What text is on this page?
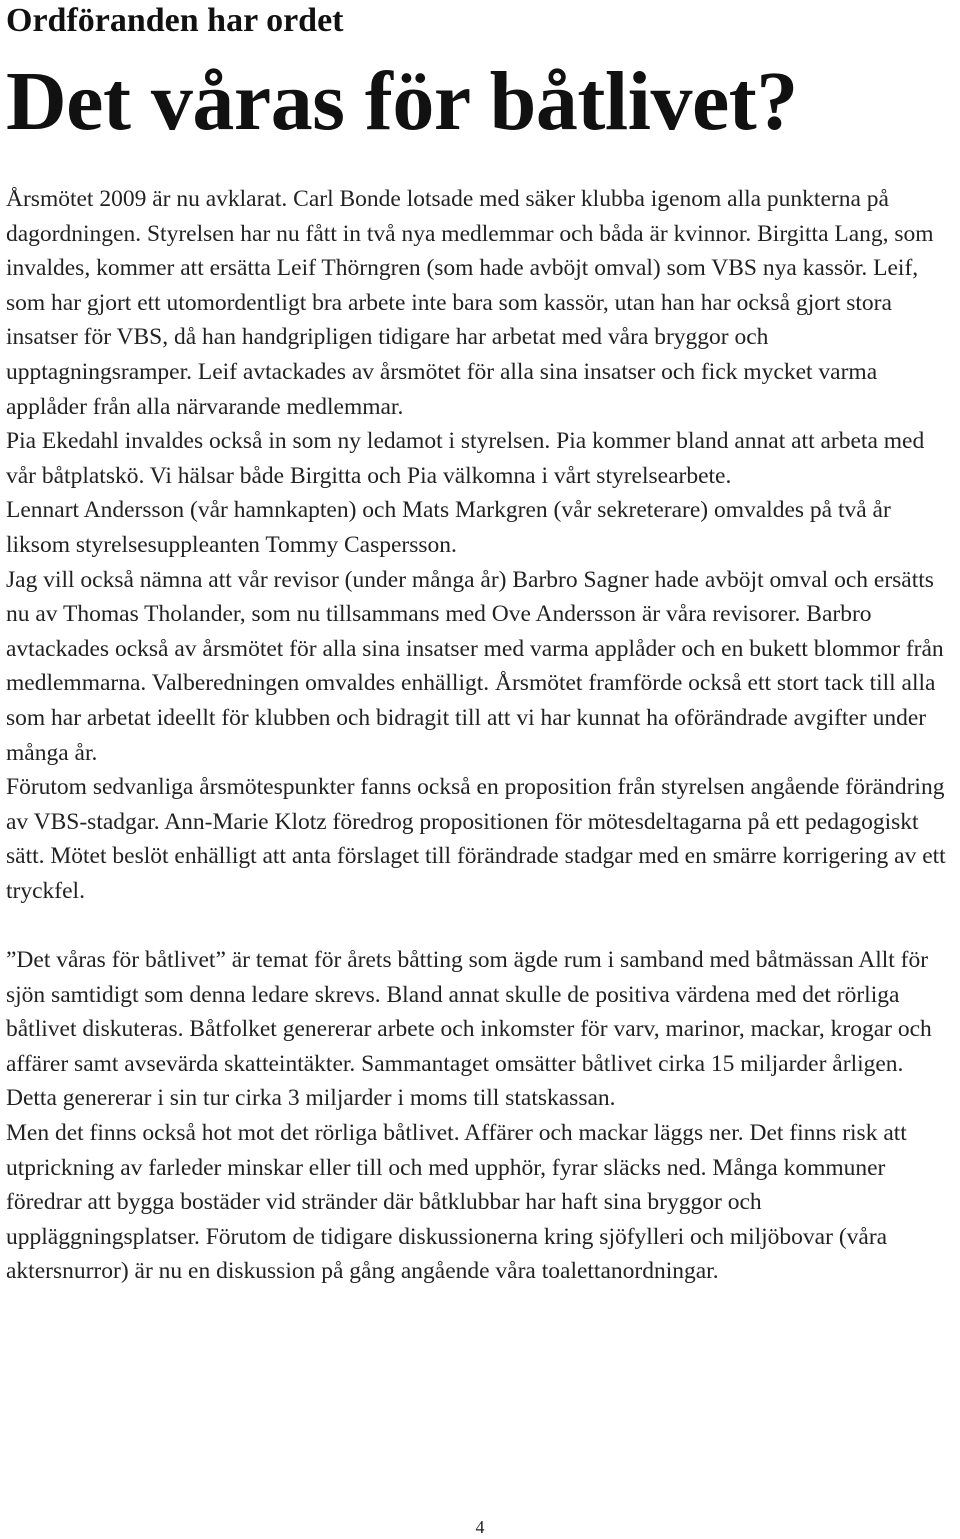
Ordföranden har ordet
Det våras för båtlivet?

Årsmötet 2009 är nu avklarat. Carl Bonde lotsade med säker klubba igenom alla punkterna på dagordningen. Styrelsen har nu fått in två nya medlemmar och båda är kvinnor. Birgitta Lang, som invaldes, kommer att ersätta Leif Thörngren (som hade avböjt omval) som VBS nya kassör. Leif, som har gjort ett utomordentligt bra arbete inte bara som kassör, utan han har också gjort stora insatser för VBS, då han handgripligen tidigare har arbetat med våra bryggor och upptagningsramper. Leif avtackades av årsmötet för alla sina insatser och fick mycket varma applåder från alla närvarande medlemmar.

Pia Ekedahl invaldes också in som ny ledamot i styrelsen. Pia kommer bland annat att arbeta med vår båtplatskö. Vi hälsar både Birgitta och Pia välkomna i vårt styrelsearbete.

Lennart Andersson (vår hamnkapten) och Mats Markgren (vår sekreterare) omvaldes på två år liksom styrelsesuppleanten Tommy Caspersson.

Jag vill också nämna att vår revisor (under många år) Barbro Sagner hade avböjt omval och ersätts nu av Thomas Tholander, som nu tillsammans med Ove Andersson är våra revisorer. Barbro avtackades också av årsmötet för alla sina insatser med varma applåder och en bukett blommor från medlemmarna. Valberedningen omvaldes enhälligt. Årsmötet framförde också ett stort tack till alla som har arbetat ideellt för klubben och bidragit till att vi har kunnat ha oförändrade avgifter under många år.

Förutom sedvanliga årsmötespunkter fanns också en proposition från styrelsen angående förändring av VBS-stadgar. Ann-Marie Klotz föredrog propositionen för mötesdeltagarna på ett pedagogiskt sätt. Mötet beslöt enhälligt att anta förslaget till förändrade stadgar med en smärre korrigering av ett tryckfel.

”Det våras för båtlivet” är temat för årets båtting som ägde rum i samband med båtmässan Allt för sjön samtidigt som denna ledare skrevs. Bland annat skulle de positiva värdena med det rörliga båtlivet diskuteras. Båtfolket genererar arbete och inkomster för varv, marinor, mackar, krogar och affärer samt avsevärda skatteintäkter. Sammantaget omsätter båtlivet cirka 15 miljarder årligen. Detta genererar i sin tur cirka 3 miljarder i moms till statskassan.

Men det finns också hot mot det rörliga båtlivet. Affärer och mackar läggs ner. Det finns risk att utprickning av farleder minskar eller till och med upphör, fyrar släcks ned. Många kommuner föredrar att bygga bostäder vid stränder där båtklubbar har haft sina bryggor och uppläggningsplatser. Förutom de tidigare diskussionerna kring sjöfylleri och miljöbovar (våra aktersnurror) är nu en diskussion på gång angående våra toalettanordningar.

4
